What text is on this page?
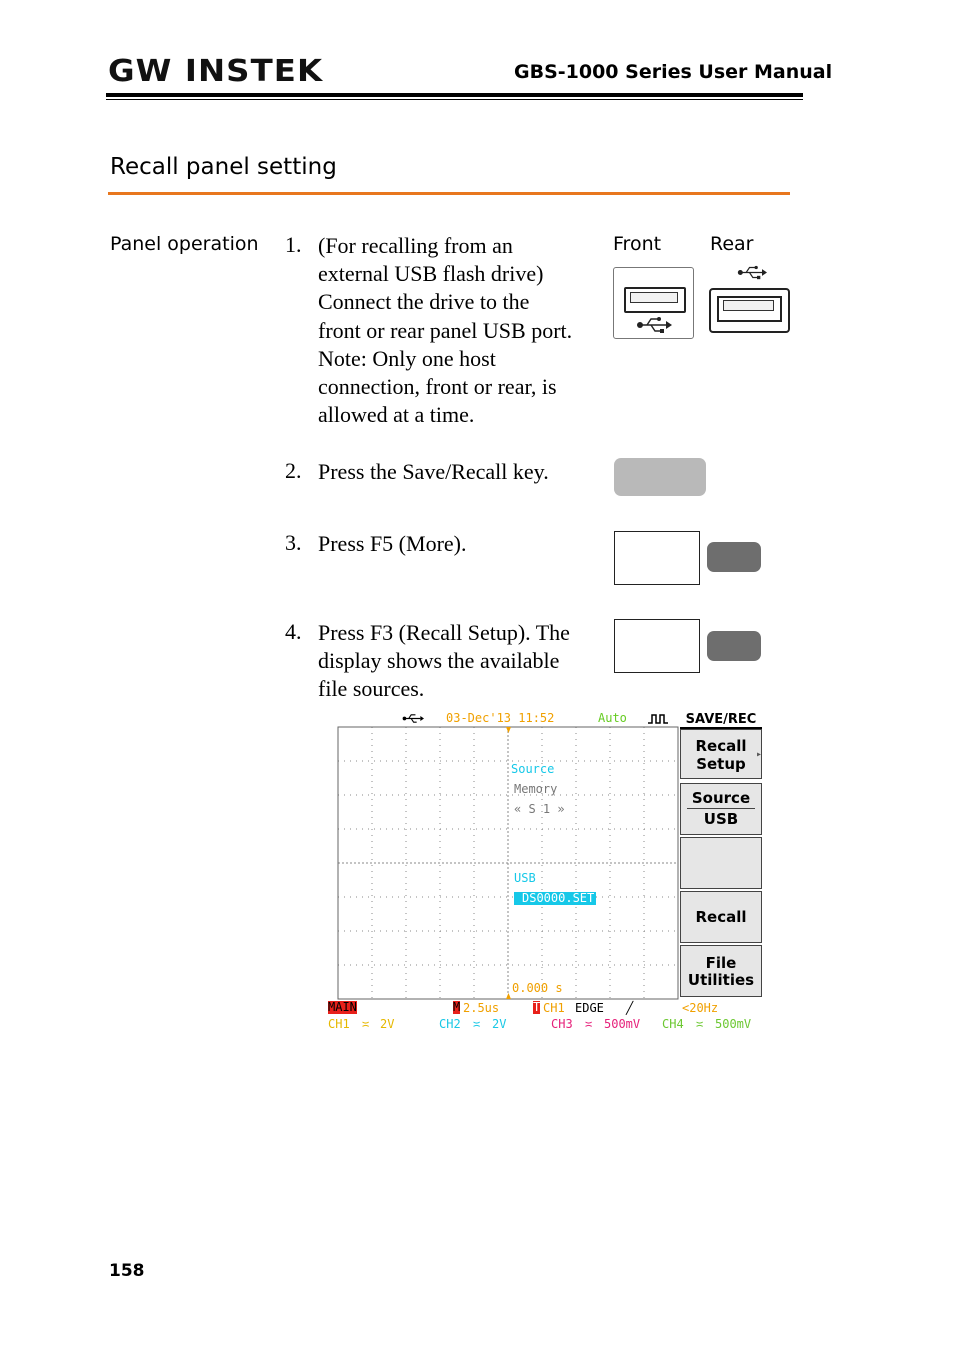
GW INSTEK	GBS-1000 Series User Manual
Recall panel setting
Panel operation 1. (For recalling from an
external USB flash drive)
Connect the drive to the
front or rear panel USB port.
Note: Only one host
connection, front or rear, is
allowed at a time.
2. Press the Save/Recall key.
3. Press F5 (More).
4. Press F3 (Recall Setup). The
display shows the available
file sources.
Front	Rear
03-Dec'13 11:52	Auto
Source
Memory
« S 1 »
USB
DS0000.SET
0.000 s
SAVE/REC
Recall
Setup
▸
Source
USB
Recall
File
Utilities
MAIN	M 2.5us	T CH1 EDGE ╱	<20Hz
CH1 ≍ 2V	CH2 ≍ 2V	CH3 ≍ 500mV CH4 ≍ 500mV
158
